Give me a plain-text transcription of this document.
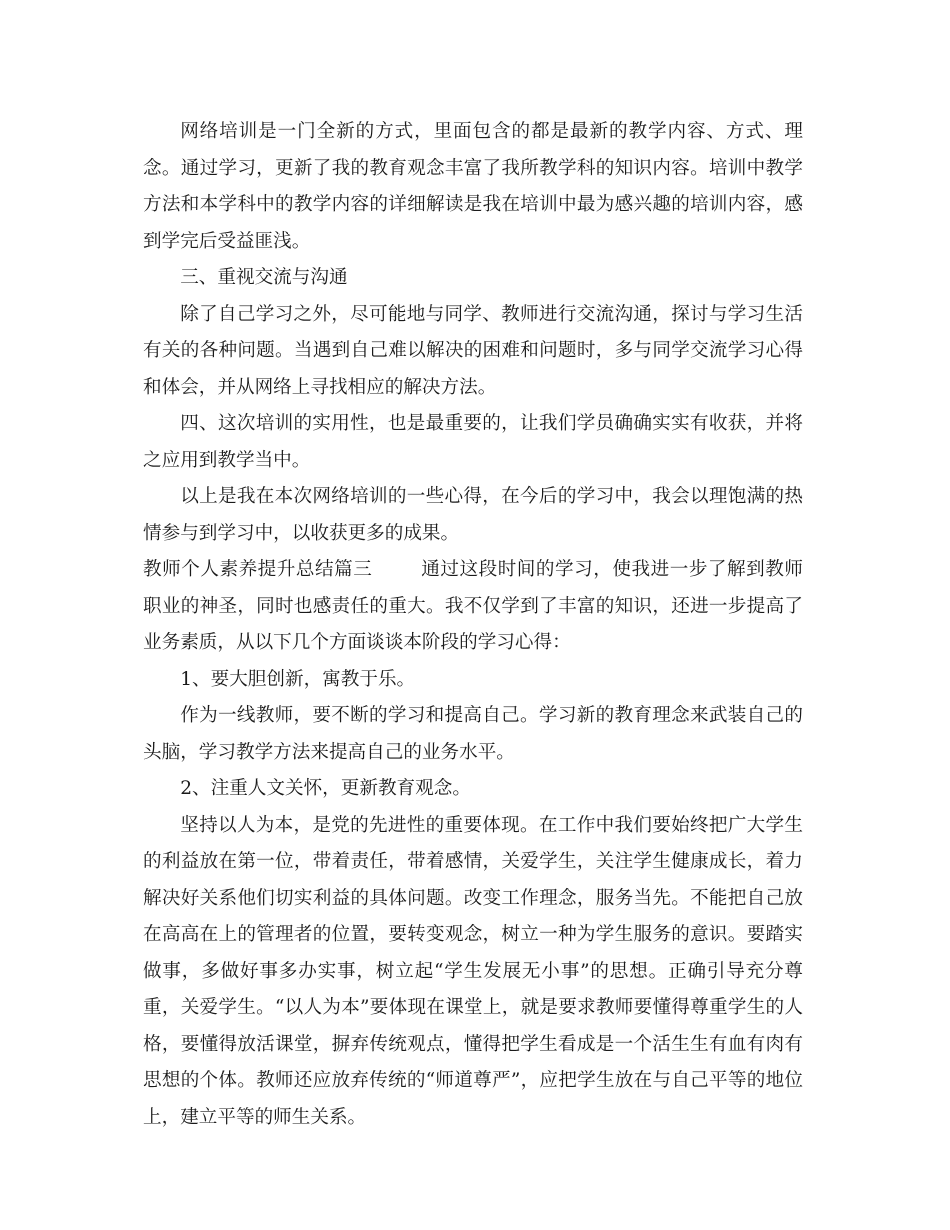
网络培训是一门全新的方式，里面包含的都是最新的教学内容、方式、理念。通过学习，更新了我的教育观念丰富了我所教学科的知识内容。培训中教学方法和本学科中的教学内容的详细解读是我在培训中最为感兴趣的培训内容，感到学完后受益匪浅。

三、重视交流与沟通

除了自己学习之外，尽可能地与同学、教师进行交流沟通，探讨与学习生活有关的各种问题。当遇到自己难以解决的困难和问题时，多与同学交流学习心得和体会，并从网络上寻找相应的解决方法。

四、这次培训的实用性，也是最重要的，让我们学员确确实实有收获，并将之应用到教学当中。

以上是我在本次网络培训的一些心得，在今后的学习中，我会以理饱满的热情参与到学习中，以收获更多的成果。

教师个人素养提升总结篇三	通过这段时间的学习，使我进一步了解到教师职业的神圣，同时也感责任的重大。我不仅学到了丰富的知识，还进一步提高了业务素质，从以下几个方面谈谈本阶段的学习心得：

1、要大胆创新，寓教于乐。

作为一线教师，要不断的学习和提高自己。学习新的教育理念来武装自己的头脑，学习教学方法来提高自己的业务水平。

2、注重人文关怀，更新教育观念。

坚持以人为本，是党的先进性的重要体现。在工作中我们要始终把广大学生的利益放在第一位，带着责任，带着感情，关爱学生，关注学生健康成长，着力解决好关系他们切实利益的具体问题。改变工作理念，服务当先。不能把自己放在高高在上的管理者的位置，要转变观念，树立一种为学生服务的意识。要踏实做事，多做好事多办实事，树立起“学生发展无小事”的思想。正确引导充分尊重，关爱学生。“以人为本”要体现在课堂上，就是要求教师要懂得尊重学生的人格，要懂得放活课堂，摒弃传统观点，懂得把学生看成是一个活生生有血有肉有思想的个体。教师还应放弃传统的“师道尊严”，应把学生放在与自己平等的地位上，建立平等的师生关系。
